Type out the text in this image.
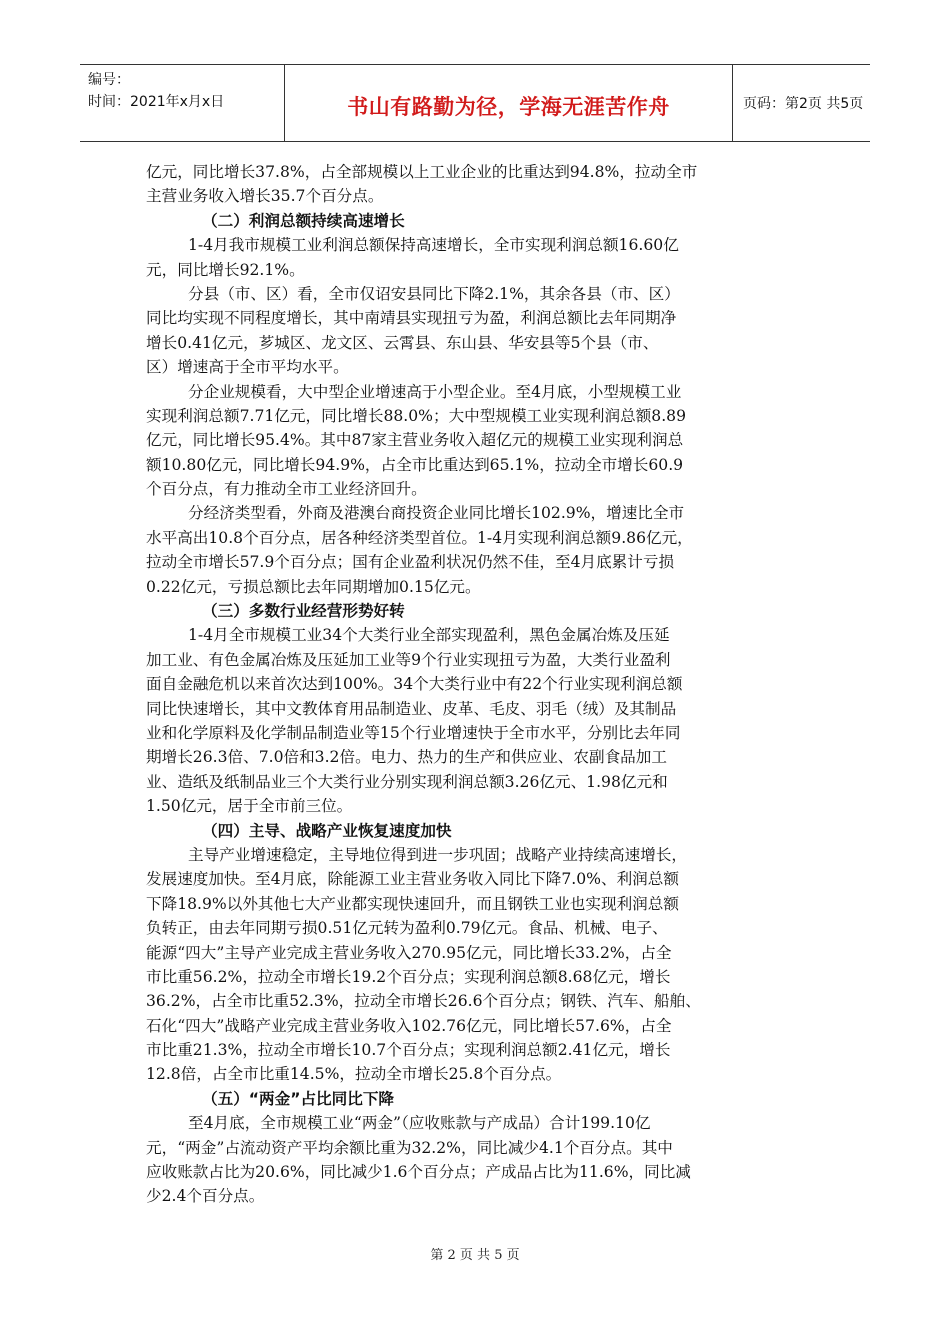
编号：
时间：2021年x月x日	书山有路勤为径，学海无涯苦作舟	页码：第2页 共5页
亿元，同比增长37.8%，占全部规模以上工业企业的比重达到94.8%，拉动全市
主营业务收入增长35.7个百分点。
（二）利润总额持续高速增长
1-4月我市规模工业利润总额保持高速增长，全市实现利润总额16.60亿
元，同比增长92.1%。
分县（市、区）看，全市仅诏安县同比下降2.1%，其余各县（市、区）
同比均实现不同程度增长，其中南靖县实现扭亏为盈，利润总额比去年同期净
增长0.41亿元，芗城区、龙文区、云霄县、东山县、华安县等5个县（市、
区）增速高于全市平均水平。
分企业规模看，大中型企业增速高于小型企业。至4月底，小型规模工业
实现利润总额7.71亿元，同比增长88.0%；大中型规模工业实现利润总额8.89
亿元，同比增长95.4%。其中87家主营业务收入超亿元的规模工业实现利润总
额10.80亿元，同比增长94.9%，占全市比重达到65.1%，拉动全市增长60.9
个百分点，有力推动全市工业经济回升。
分经济类型看，外商及港澳台商投资企业同比增长102.9%，增速比全市
水平高出10.8个百分点，居各种经济类型首位。1-4月实现利润总额9.86亿元，
拉动全市增长57.9个百分点；国有企业盈利状况仍然不佳，至4月底累计亏损
0.22亿元，亏损总额比去年同期增加0.15亿元。
（三）多数行业经营形势好转
1-4月全市规模工业34个大类行业全部实现盈利，黑色金属冶炼及压延
加工业、有色金属冶炼及压延加工业等9个行业实现扭亏为盈，大类行业盈利
面自金融危机以来首次达到100%。34个大类行业中有22个行业实现利润总额
同比快速增长，其中文教体育用品制造业、皮革、毛皮、羽毛（绒）及其制品
业和化学原料及化学制品制造业等15个行业增速快于全市水平，分别比去年同
期增长26.3倍、7.0倍和3.2倍。电力、热力的生产和供应业、农副食品加工
业、造纸及纸制品业三个大类行业分别实现利润总额3.26亿元、1.98亿元和
1.50亿元，居于全市前三位。
（四）主导、战略产业恢复速度加快
主导产业增速稳定，主导地位得到进一步巩固；战略产业持续高速增长，
发展速度加快。至4月底，除能源工业主营业务收入同比下降7.0%、利润总额
下降18.9%以外其他七大产业都实现快速回升，而且钢铁工业也实现利润总额
负转正，由去年同期亏损0.51亿元转为盈利0.79亿元。食品、机械、电子、
能源“四大”主导产业完成主营业务收入270.95亿元，同比增长33.2%，占全
市比重56.2%，拉动全市增长19.2个百分点；实现利润总额8.68亿元，增长
36.2%，占全市比重52.3%，拉动全市增长26.6个百分点；钢铁、汽车、船舶、
石化“四大”战略产业完成主营业务收入102.76亿元，同比增长57.6%，占全
市比重21.3%，拉动全市增长10.7个百分点；实现利润总额2.41亿元，增长
12.8倍，占全市比重14.5%，拉动全市增长25.8个百分点。
（五）“两金”占比同比下降
至4月底，全市规模工业“两金”（应收账款与产成品）合计199.10亿
元，“两金”占流动资产平均余额比重为32.2%，同比减少4.1个百分点。其中
应收账款占比为20.6%，同比减少1.6个百分点；产成品占比为11.6%，同比减
少2.4个百分点。
第 2 页 共 5 页
